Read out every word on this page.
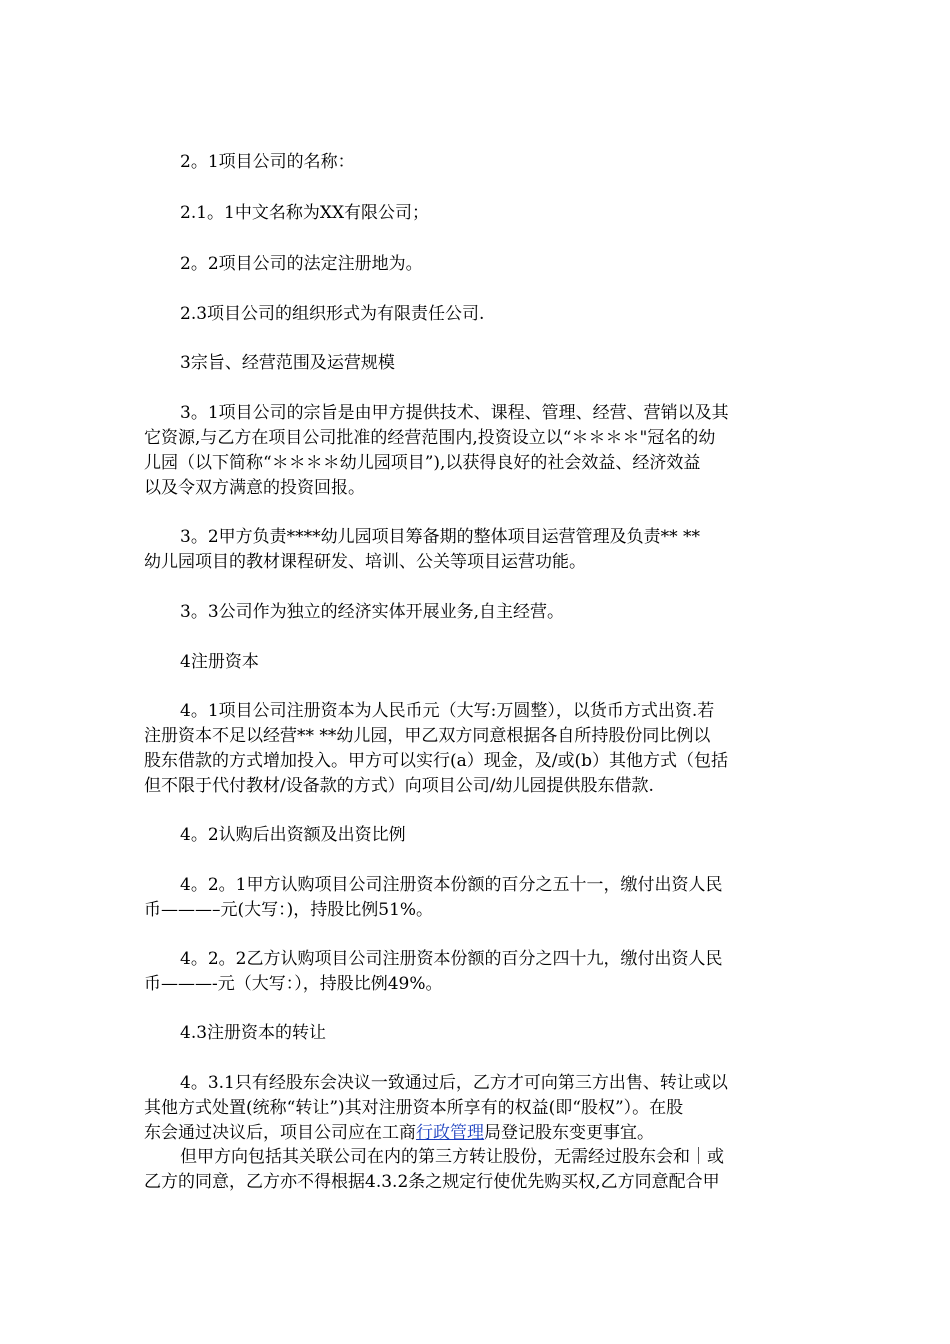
2。1项目公司的名称：

2.1。1中文名称为XX有限公司；

2。2项目公司的法定注册地为。

2.3项目公司的组织形式为有限责任公司.

3宗旨、经营范围及运营规模

3。1项目公司的宗旨是由甲方提供技术、课程、管理、经营、营销以及其
它资源,与乙方在项目公司批准的经营范围内,投资设立以“＊＊＊＊"冠名的幼
儿园（以下简称“＊＊＊＊幼儿园项目”),以获得良好的社会效益、经济效益
以及令双方满意的投资回报。

3。2甲方负责****幼儿园项目筹备期的整体项目运营管理及负责** **
幼儿园项目的教材课程研发、培训、公关等项目运营功能。

3。3公司作为独立的经济实体开展业务,自主经营。

4注册资本

4。1项目公司注册资本为人民币元（大写:万圆整），以货币方式出资.若
注册资本不足以经营** **幼儿园，甲乙双方同意根据各自所持股份同比例以
股东借款的方式增加投入。甲方可以实行(a）现金，及/或(b）其他方式（包括
但不限于代付教材/设备款的方式）向项目公司/幼儿园提供股东借款.

4。2认购后出资额及出资比例

4。2。1甲方认购项目公司注册资本份额的百分之五十一，缴付出资人民
币———–元(大写：)，持股比例51%。

4。2。2乙方认购项目公司注册资本份额的百分之四十九，缴付出资人民
币———-元（大写：），持股比例49%。

4.3注册资本的转让

4。3.1只有经股东会决议一致通过后，乙方才可向第三方出售、转让或以
其他方式处置(统称“转让”)其对注册资本所享有的权益(即“股权”）。在股
东会通过决议后，项目公司应在工商行政管理局登记股东变更事宜。

但甲方向包括其关联公司在内的第三方转让股份，无需经过股东会和｜或
乙方的同意，乙方亦不得根据4.3.2条之规定行使优先购买权,乙方同意配合甲
